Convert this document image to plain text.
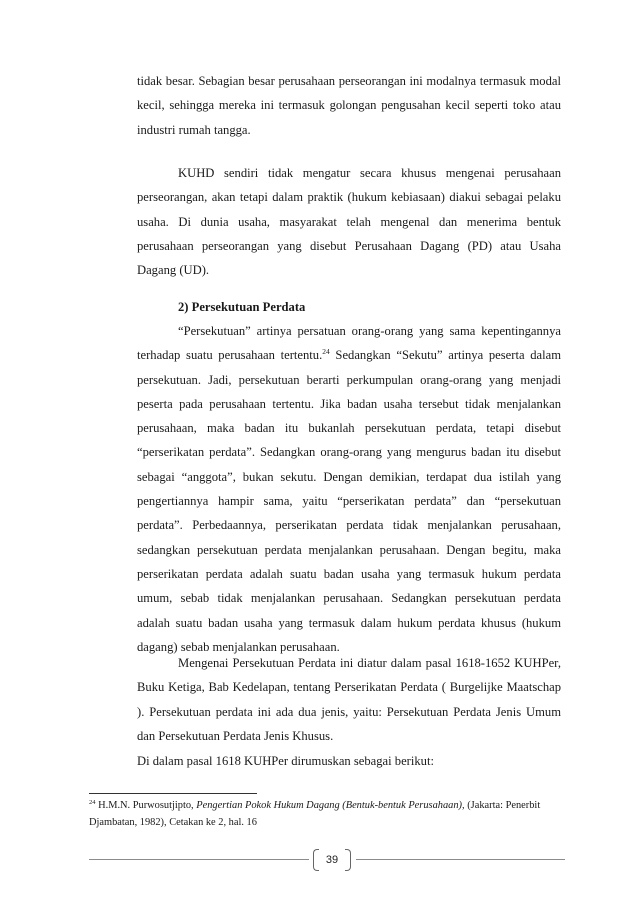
tidak besar. Sebagian besar perusahaan perseorangan ini modalnya termasuk modal kecil, sehingga mereka ini termasuk golongan pengusahan kecil seperti toko atau industri rumah tangga.

KUHD sendiri tidak mengatur secara khusus mengenai perusahaan perseorangan, akan tetapi dalam praktik (hukum kebiasaan) diakui sebagai pelaku usaha. Di dunia usaha, masyarakat telah mengenal dan menerima bentuk perusahaan perseorangan yang disebut Perusahaan Dagang (PD) atau Usaha Dagang (UD).

2) Persekutuan Perdata

“Persekutuan” artinya persatuan orang-orang yang sama kepentingannya terhadap suatu perusahaan tertentu.$^{24}$ Sedangkan “Sekutu” artinya peserta dalam persekutuan. Jadi, persekutuan berarti perkumpulan orang-orang yang menjadi peserta pada perusahaan tertentu. Jika badan usaha tersebut tidak menjalankan perusahaan, maka badan itu bukanlah persekutuan perdata, tetapi disebut “perserikatan perdata”. Sedangkan orang-orang yang mengurus badan itu disebut sebagai “anggota”, bukan sekutu. Dengan demikian, terdapat dua istilah yang pengertiannya hampir sama, yaitu “perserikatan perdata” dan “persekutuan perdata”. Perbedaannya, perserikatan perdata tidak menjalankan perusahaan, sedangkan persekutuan perdata menjalankan perusahaan. Dengan begitu, maka perserikatan perdata adalah suatu badan usaha yang termasuk hukum perdata umum, sebab tidak menjalankan perusahaan. Sedangkan persekutuan perdata adalah suatu badan usaha yang termasuk dalam hukum perdata khusus (hukum dagang) sebab menjalankan perusahaan.

Mengenai Persekutuan Perdata ini diatur dalam pasal 1618-1652 KUHPer, Buku Ketiga, Bab Kedelapan, tentang Perserikatan Perdata ( Burgelijke Maatschap ). Persekutuan perdata ini ada dua jenis, yaitu: Persekutuan Perdata Jenis Umum dan Persekutuan Perdata Jenis Khusus.

Di dalam pasal 1618 KUHPer dirumuskan sebagai berikut:

$^{24}$ H.M.N. Purwosutjipto, Pengertian Pokok Hukum Dagang (Bentuk-bentuk Perusahaan), (Jakarta: Penerbit Djambatan, 1982), Cetakan ke 2, hal. 16
39
